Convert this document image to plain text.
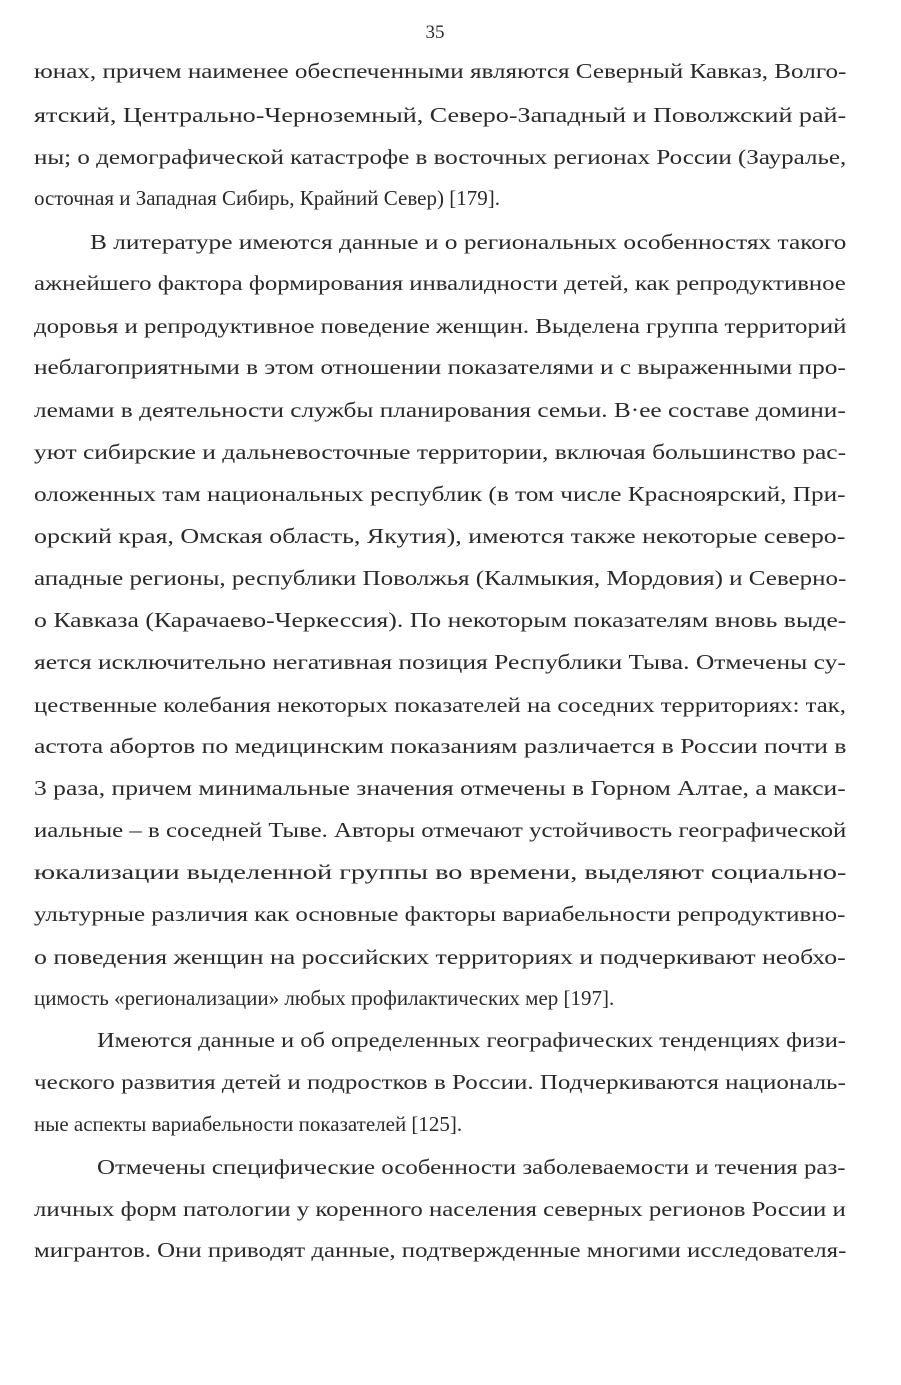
35
юнах, причем наименее обеспеченными являются Северный Кавказ, Волго-
ятский, Центрально-Черноземный, Северо-Западный и Поволжский рай-
ны; о демографической катастрофе в восточных регионах России (Зауралье,
осточная и Западная Сибирь, Крайний Север) [179].
В литературе имеются данные и о региональных особенностях такого
ажнейшего фактора формирования инвалидности детей, как репродуктивное
доровья и репродуктивное поведение женщин. Выделена группа территорий
неблагоприятными в этом отношении показателями и с выраженными про-
лемами в деятельности службы планирования семьи. В·ее составе домини-
уют сибирские и дальневосточные территории, включая большинство рас-
оложенных там национальных республик (в том числе Красноярский, При-
орский края, Омская область, Якутия), имеются также некоторые северо-
ападные регионы, республики Поволжья (Калмыкия, Мордовия) и Северно-
о Кавказа (Карачаево-Черкессия). По некоторым показателям вновь выде-
яется исключительно негативная позиция Республики Тыва. Отмечены су-
цественные колебания некоторых показателей на соседних территориях: так,
астота абортов по медицинским показаниям различается в России почти в
3 раза, причем минимальные значения отмечены в Горном Алтае, а макси-
иальные – в соседней Тыве. Авторы отмечают устойчивость географической
юкализации выделенной группы во времени, выделяют социально-
ультурные различия как основные факторы вариабельности репродуктивно-
о поведения женщин на российских территориях и подчеркивают необхо-
цимость «регионализации» любых профилактических мер [197].
Имеются данные и об определенных географических тенденциях физи-
ческого развития детей и подростков в России. Подчеркиваются националь-
ные аспекты вариабельности показателей [125].
Отмечены специфические особенности заболеваемости и течения раз-
личных форм патологии у коренного населения северных регионов России и
мигрантов. Они приводят данные, подтвержденные многими исследователя-
